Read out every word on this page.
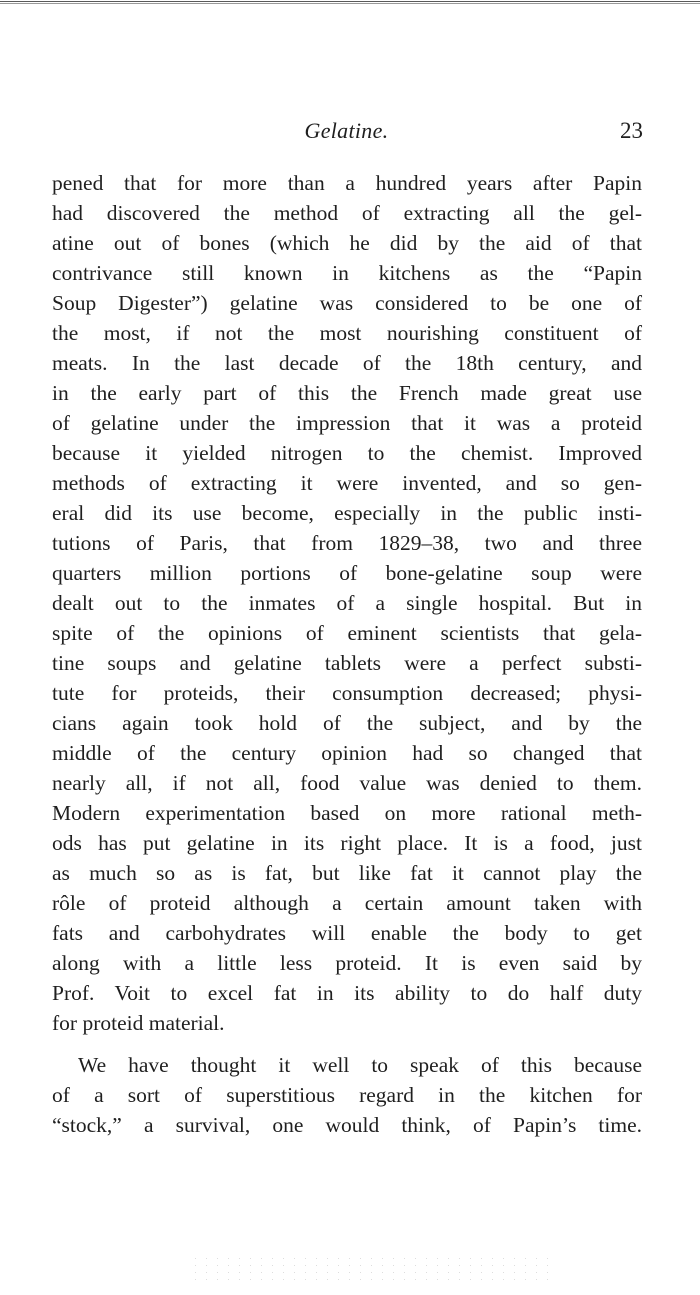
Gelatine.	23
pened that for more than a hundred years after Papin
had discovered the method of extracting all the gel-
atine out of bones (which he did by the aid of that
contrivance still known in kitchens as the “Papin
Soup Digester”) gelatine was considered to be one of
the most, if not the most nourishing constituent of
meats. In the last decade of the 18th century, and
in the early part of this the French made great use
of gelatine under the impression that it was a proteid
because it yielded nitrogen to the chemist. Improved
methods of extracting it were invented, and so gen-
eral did its use become, especially in the public insti-
tutions of Paris, that from 1829–38, two and three
quarters million portions of bone-gelatine soup were
dealt out to the inmates of a single hospital. But in
spite of the opinions of eminent scientists that gela-
tine soups and gelatine tablets were a perfect substi-
tute for proteids, their consumption decreased; physi-
cians again took hold of the subject, and by the
middle of the century opinion had so changed that
nearly all, if not all, food value was denied to them.
Modern experimentation based on more rational meth-
ods has put gelatine in its right place. It is a food, just
as much so as is fat, but like fat it cannot play the
rôle of proteid although a certain amount taken with
fats and carbohydrates will enable the body to get
along with a little less proteid. It is even said by
Prof. Voit to excel fat in its ability to do half duty
for proteid material.
We have thought it well to speak of this because
of a sort of superstitious regard in the kitchen for
“stock,” a survival, one would think, of Papin’s time.
